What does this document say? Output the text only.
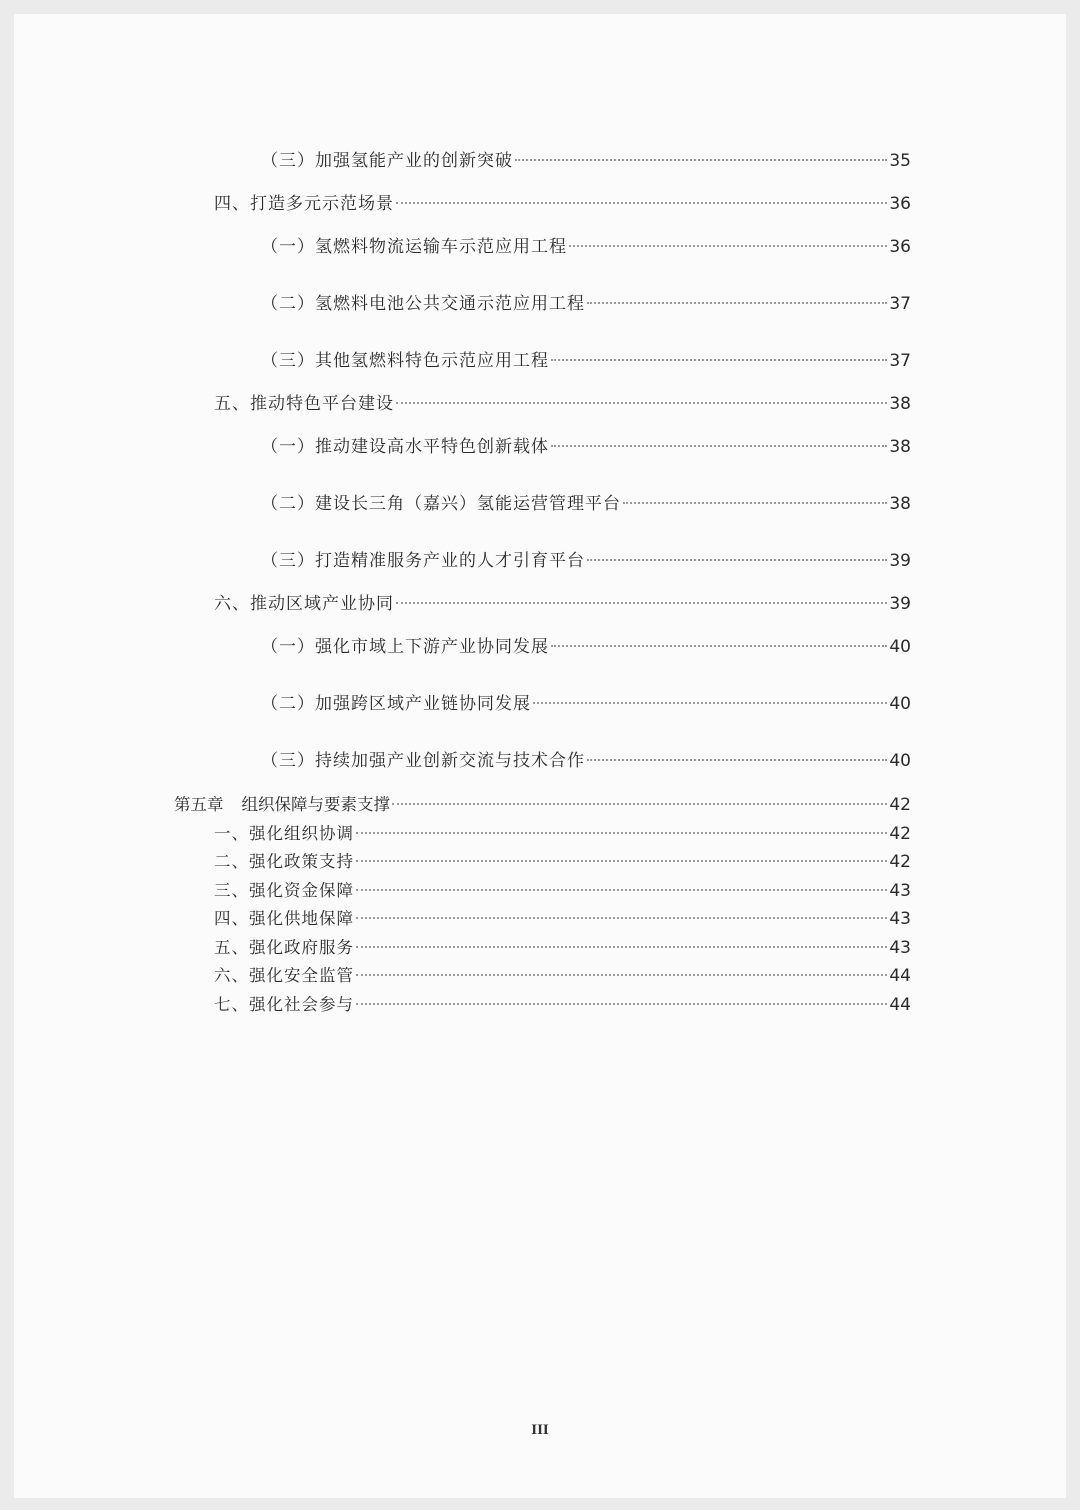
（三）加强氢能产业的创新突破	35
四、打造多元示范场景	36
（一）氢燃料物流运输车示范应用工程	36
（二）氢燃料电池公共交通示范应用工程	37
（三）其他氢燃料特色示范应用工程	37
五、推动特色平台建设	38
（一）推动建设高水平特色创新载体	38
（二）建设长三角（嘉兴）氢能运营管理平台	38
（三）打造精准服务产业的人才引育平台	39
六、推动区域产业协同	39
（一）强化市域上下游产业协同发展	40
（二）加强跨区域产业链协同发展	40
（三）持续加强产业创新交流与技术合作	40
第五章 组织保障与要素支撑	42
一、强化组织协调	42
二、强化政策支持	42
三、强化资金保障	43
四、强化供地保障	43
五、强化政府服务	43
六、强化安全监管	44
七、强化社会参与	44
III
